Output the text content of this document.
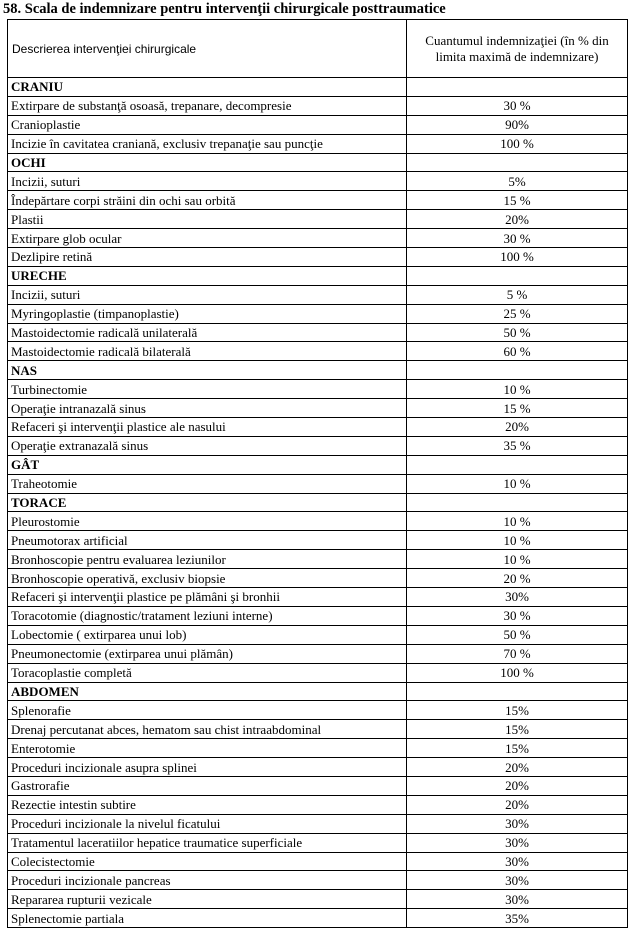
58. Scala de indemnizare pentru intervenţii chirurgicale posttraumatice
Descrierea intervenţiei chirurgicale	Cuantumul indemnizaţiei (în % din limita maximă de indemnizare)
CRANIU	
Extirpare de substanţă osoasă, trepanare, decompresie	30 %
Cranioplastie	90%
Incizie în cavitatea craniană, exclusiv trepanaţie sau puncţie	100 %
OCHI	
Incizii, suturi	5%
Îndepărtare corpi străini din ochi sau orbită	15 %
Plastii	20%
Extirpare glob ocular	30 %
Dezlipire retină	100 %
URECHE	
Incizii, suturi	5 %
Myringoplastie (timpanoplastie)	25 %
Mastoidectomie radicală unilaterală	50 %
Mastoidectomie radicală bilaterală	60 %
NAS	
Turbinectomie	10 %
Operaţie intranazală sinus	15 %
Refaceri şi intervenţii plastice ale nasului	20%
Operaţie extranazală sinus	35 %
GÂT	
Traheotomie	10 %
TORACE	
Pleurostomie	10 %
Pneumotorax artificial	10 %
Bronhoscopie pentru evaluarea leziunilor	10 %
Bronhoscopie operativă, exclusiv biopsie	20 %
Refaceri şi intervenţii plastice pe plămâni şi bronhii	30%
Toracotomie (diagnostic/tratament leziuni interne)	30 %
Lobectomie ( extirparea unui lob)	50 %
Pneumonectomie (extirparea unui plămân)	70 %
Toracoplastie completă	100 %
ABDOMEN	
Splenorafie	15%
Drenaj percutanat abces, hematom sau chist intraabdominal	15%
Enterotomie	15%
Proceduri incizionale asupra splinei	20%
Gastrorafie	20%
Rezectie intestin subtire	20%
Proceduri incizionale la nivelul ficatului	30%
Tratamentul laceratiilor hepatice traumatice superficiale	30%
Colecistectomie	30%
Proceduri incizionale pancreas	30%
Repararea rupturii vezicale	30%
Splenectomie partiala	35%
